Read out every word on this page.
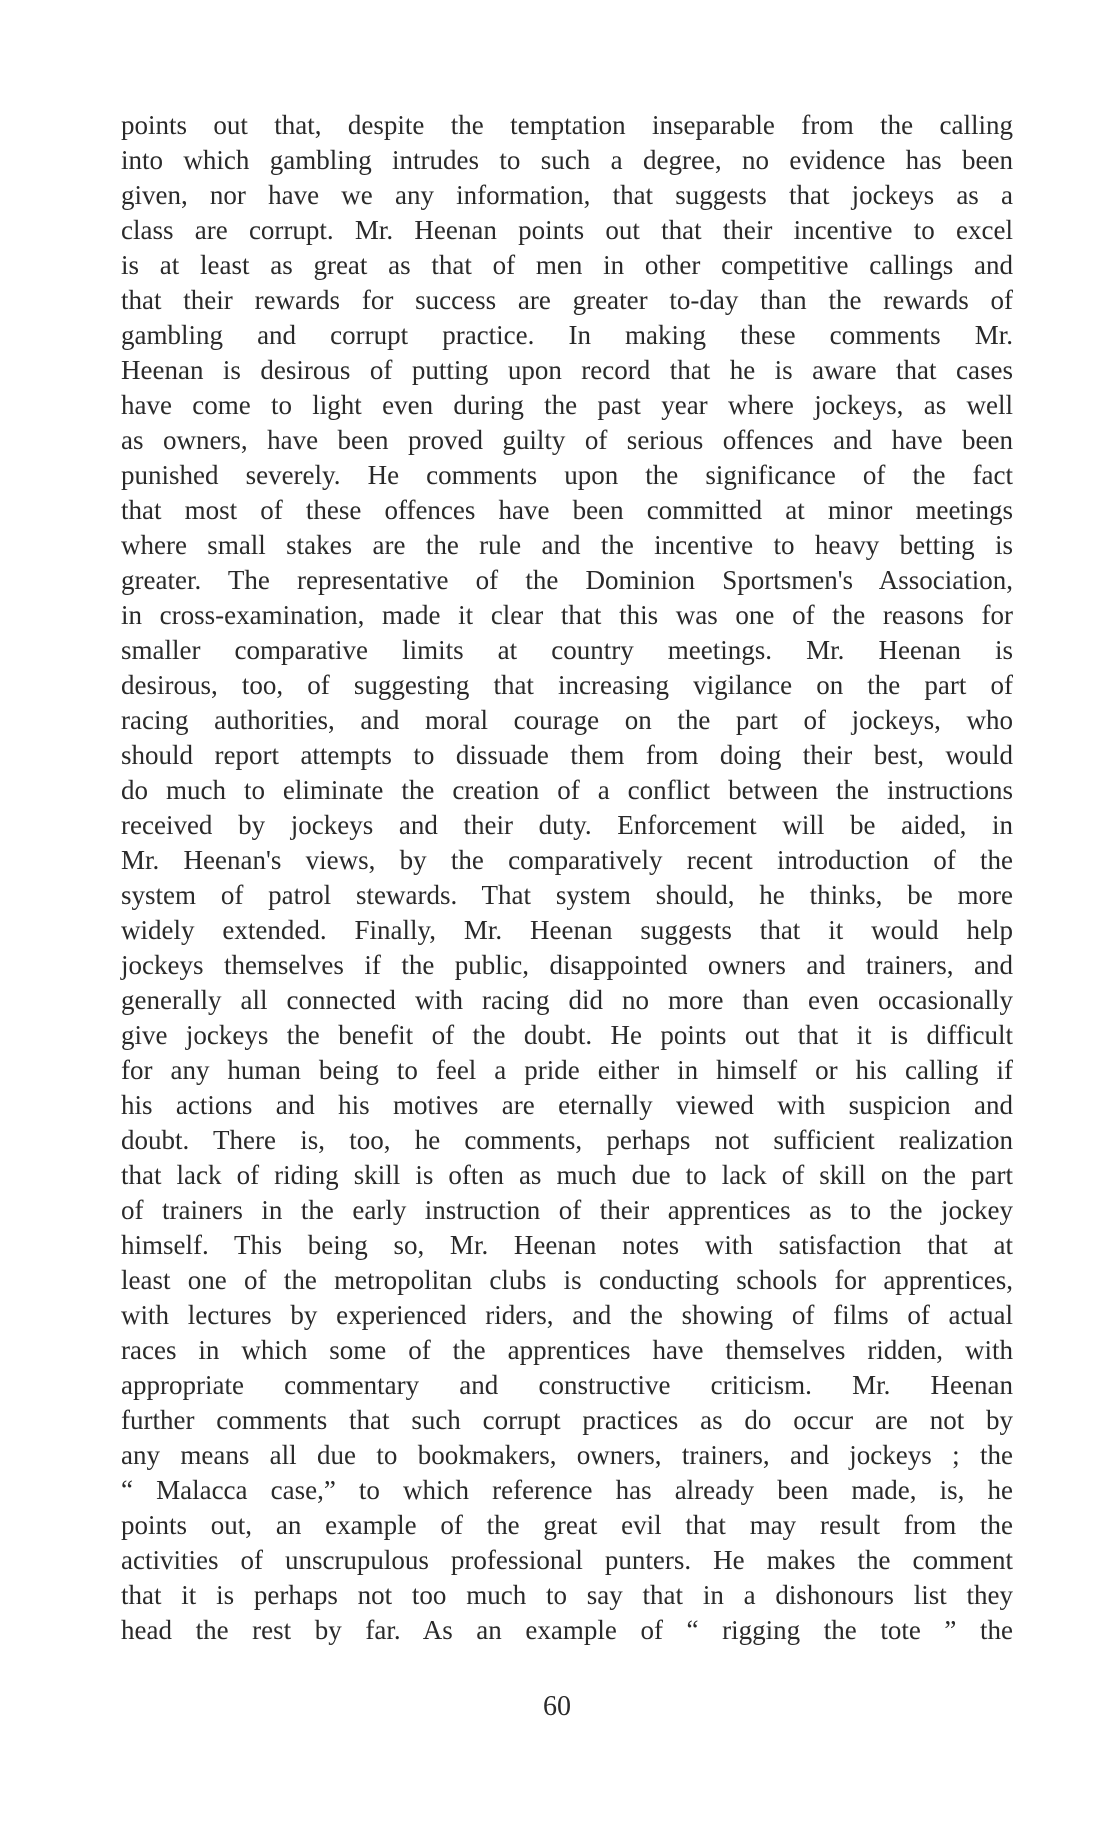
points out that, despite the temptation inseparable from the calling
into which gambling intrudes to such a degree, no evidence has been
given, nor have we any information, that suggests that jockeys as a
class are corrupt. Mr. Heenan points out that their incentive to excel
is at least as great as that of men in other competitive callings and
that their rewards for success are greater to-day than the rewards of
gambling and corrupt practice. In making these comments Mr.
Heenan is desirous of putting upon record that he is aware that cases
have come to light even during the past year where jockeys, as well
as owners, have been proved guilty of serious offences and have been
punished severely. He comments upon the significance of the fact
that most of these offences have been committed at minor meetings
where small stakes are the rule and the incentive to heavy betting is
greater. The representative of the Dominion Sportsmen's Association,
in cross-examination, made it clear that this was one of the reasons for
smaller comparative limits at country meetings. Mr. Heenan is
desirous, too, of suggesting that increasing vigilance on the part of
racing authorities, and moral courage on the part of jockeys, who
should report attempts to dissuade them from doing their best, would
do much to eliminate the creation of a conflict between the instructions
received by jockeys and their duty. Enforcement will be aided, in
Mr. Heenan's views, by the comparatively recent introduction of the
system of patrol stewards. That system should, he thinks, be more
widely extended. Finally, Mr. Heenan suggests that it would help
jockeys themselves if the public, disappointed owners and trainers, and
generally all connected with racing did no more than even occasionally
give jockeys the benefit of the doubt. He points out that it is difficult
for any human being to feel a pride either in himself or his calling if
his actions and his motives are eternally viewed with suspicion and
doubt. There is, too, he comments, perhaps not sufficient realization
that lack of riding skill is often as much due to lack of skill on the part
of trainers in the early instruction of their apprentices as to the jockey
himself. This being so, Mr. Heenan notes with satisfaction that at
least one of the metropolitan clubs is conducting schools for apprentices,
with lectures by experienced riders, and the showing of films of actual
races in which some of the apprentices have themselves ridden, with
appropriate commentary and constructive criticism. Mr. Heenan
further comments that such corrupt practices as do occur are not by
any means all due to bookmakers, owners, trainers, and jockeys ; the
“ Malacca case,” to which reference has already been made, is, he
points out, an example of the great evil that may result from the
activities of unscrupulous professional punters. He makes the comment
that it is perhaps not too much to say that in a dishonours list they
head the rest by far. As an example of “ rigging the tote ” the
60
